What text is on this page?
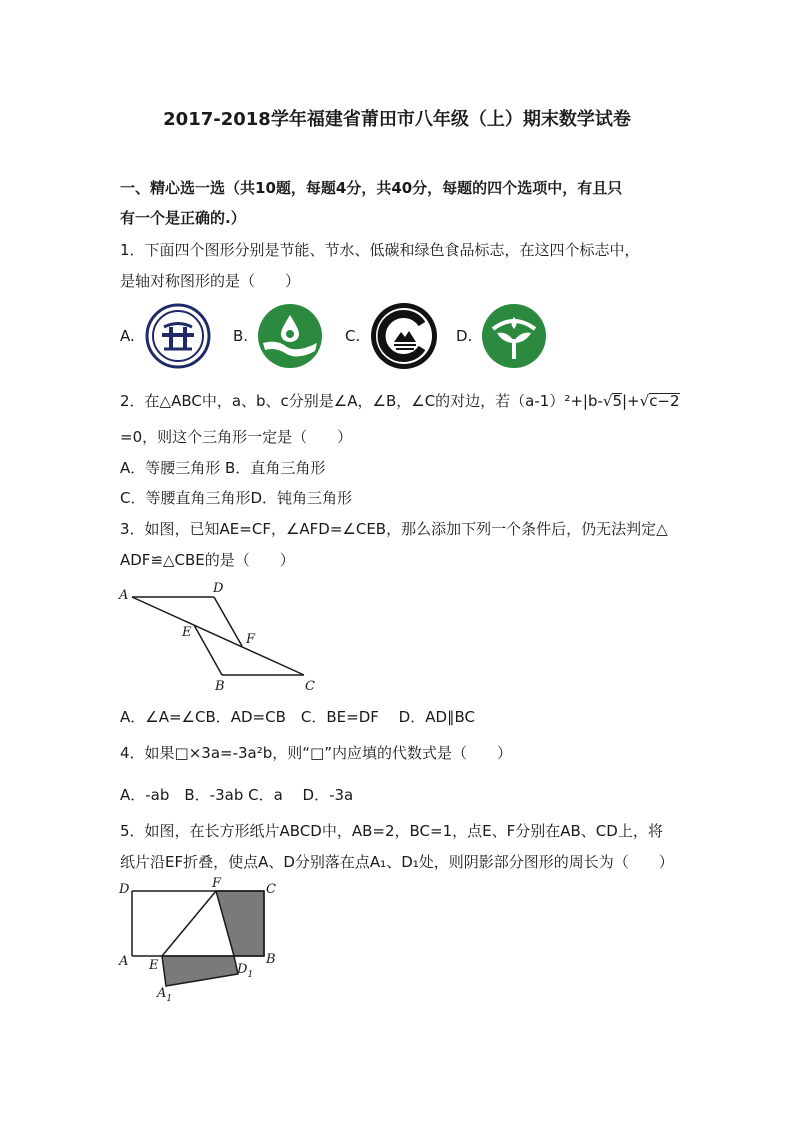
2017-2018学年福建省莆田市八年级（上）期末数学试卷
一、精心选一选（共10题，每题4分，共40分，每题的四个选项中，有且只
有一个是正确的.）
1．下面四个图形分别是节能、节水、低碳和绿色食品标志，在这四个标志中，
是轴对称图形的是（　　）
A.	B.	C.	D.
2．在△ABC中，a、b、c分别是∠A，∠B，∠C的对边，若（a-1）²+|b-√5|+√c−2
=0，则这个三角形一定是（　　）
A．等腰三角形 B．直角三角形
C．等腰直角三角形D．钝角三角形
3．如图，已知AE=CF，∠AFD=∠CEB，那么添加下列一个条件后，仍无法判定△
ADF≌△CBE的是（　　）
A	D
E	F
B	C
A．∠A=∠CB．AD=CB　C．BE=DF　 D．AD∥BC
4．如果□×3a=-3a²b，则“□”内应填的代数式是（　　）
A．-ab　B．-3ab C．a　 D．-3a
5．如图，在长方形纸片ABCD中，AB=2，BC=1，点E、F分别在AB、CD上，将
纸片沿EF折叠，使点A、D分别落在点A₁、D₁处，则阴影部分图形的周长为（　　）
D	F	C
A E	B
$D_1$
$A_1$
